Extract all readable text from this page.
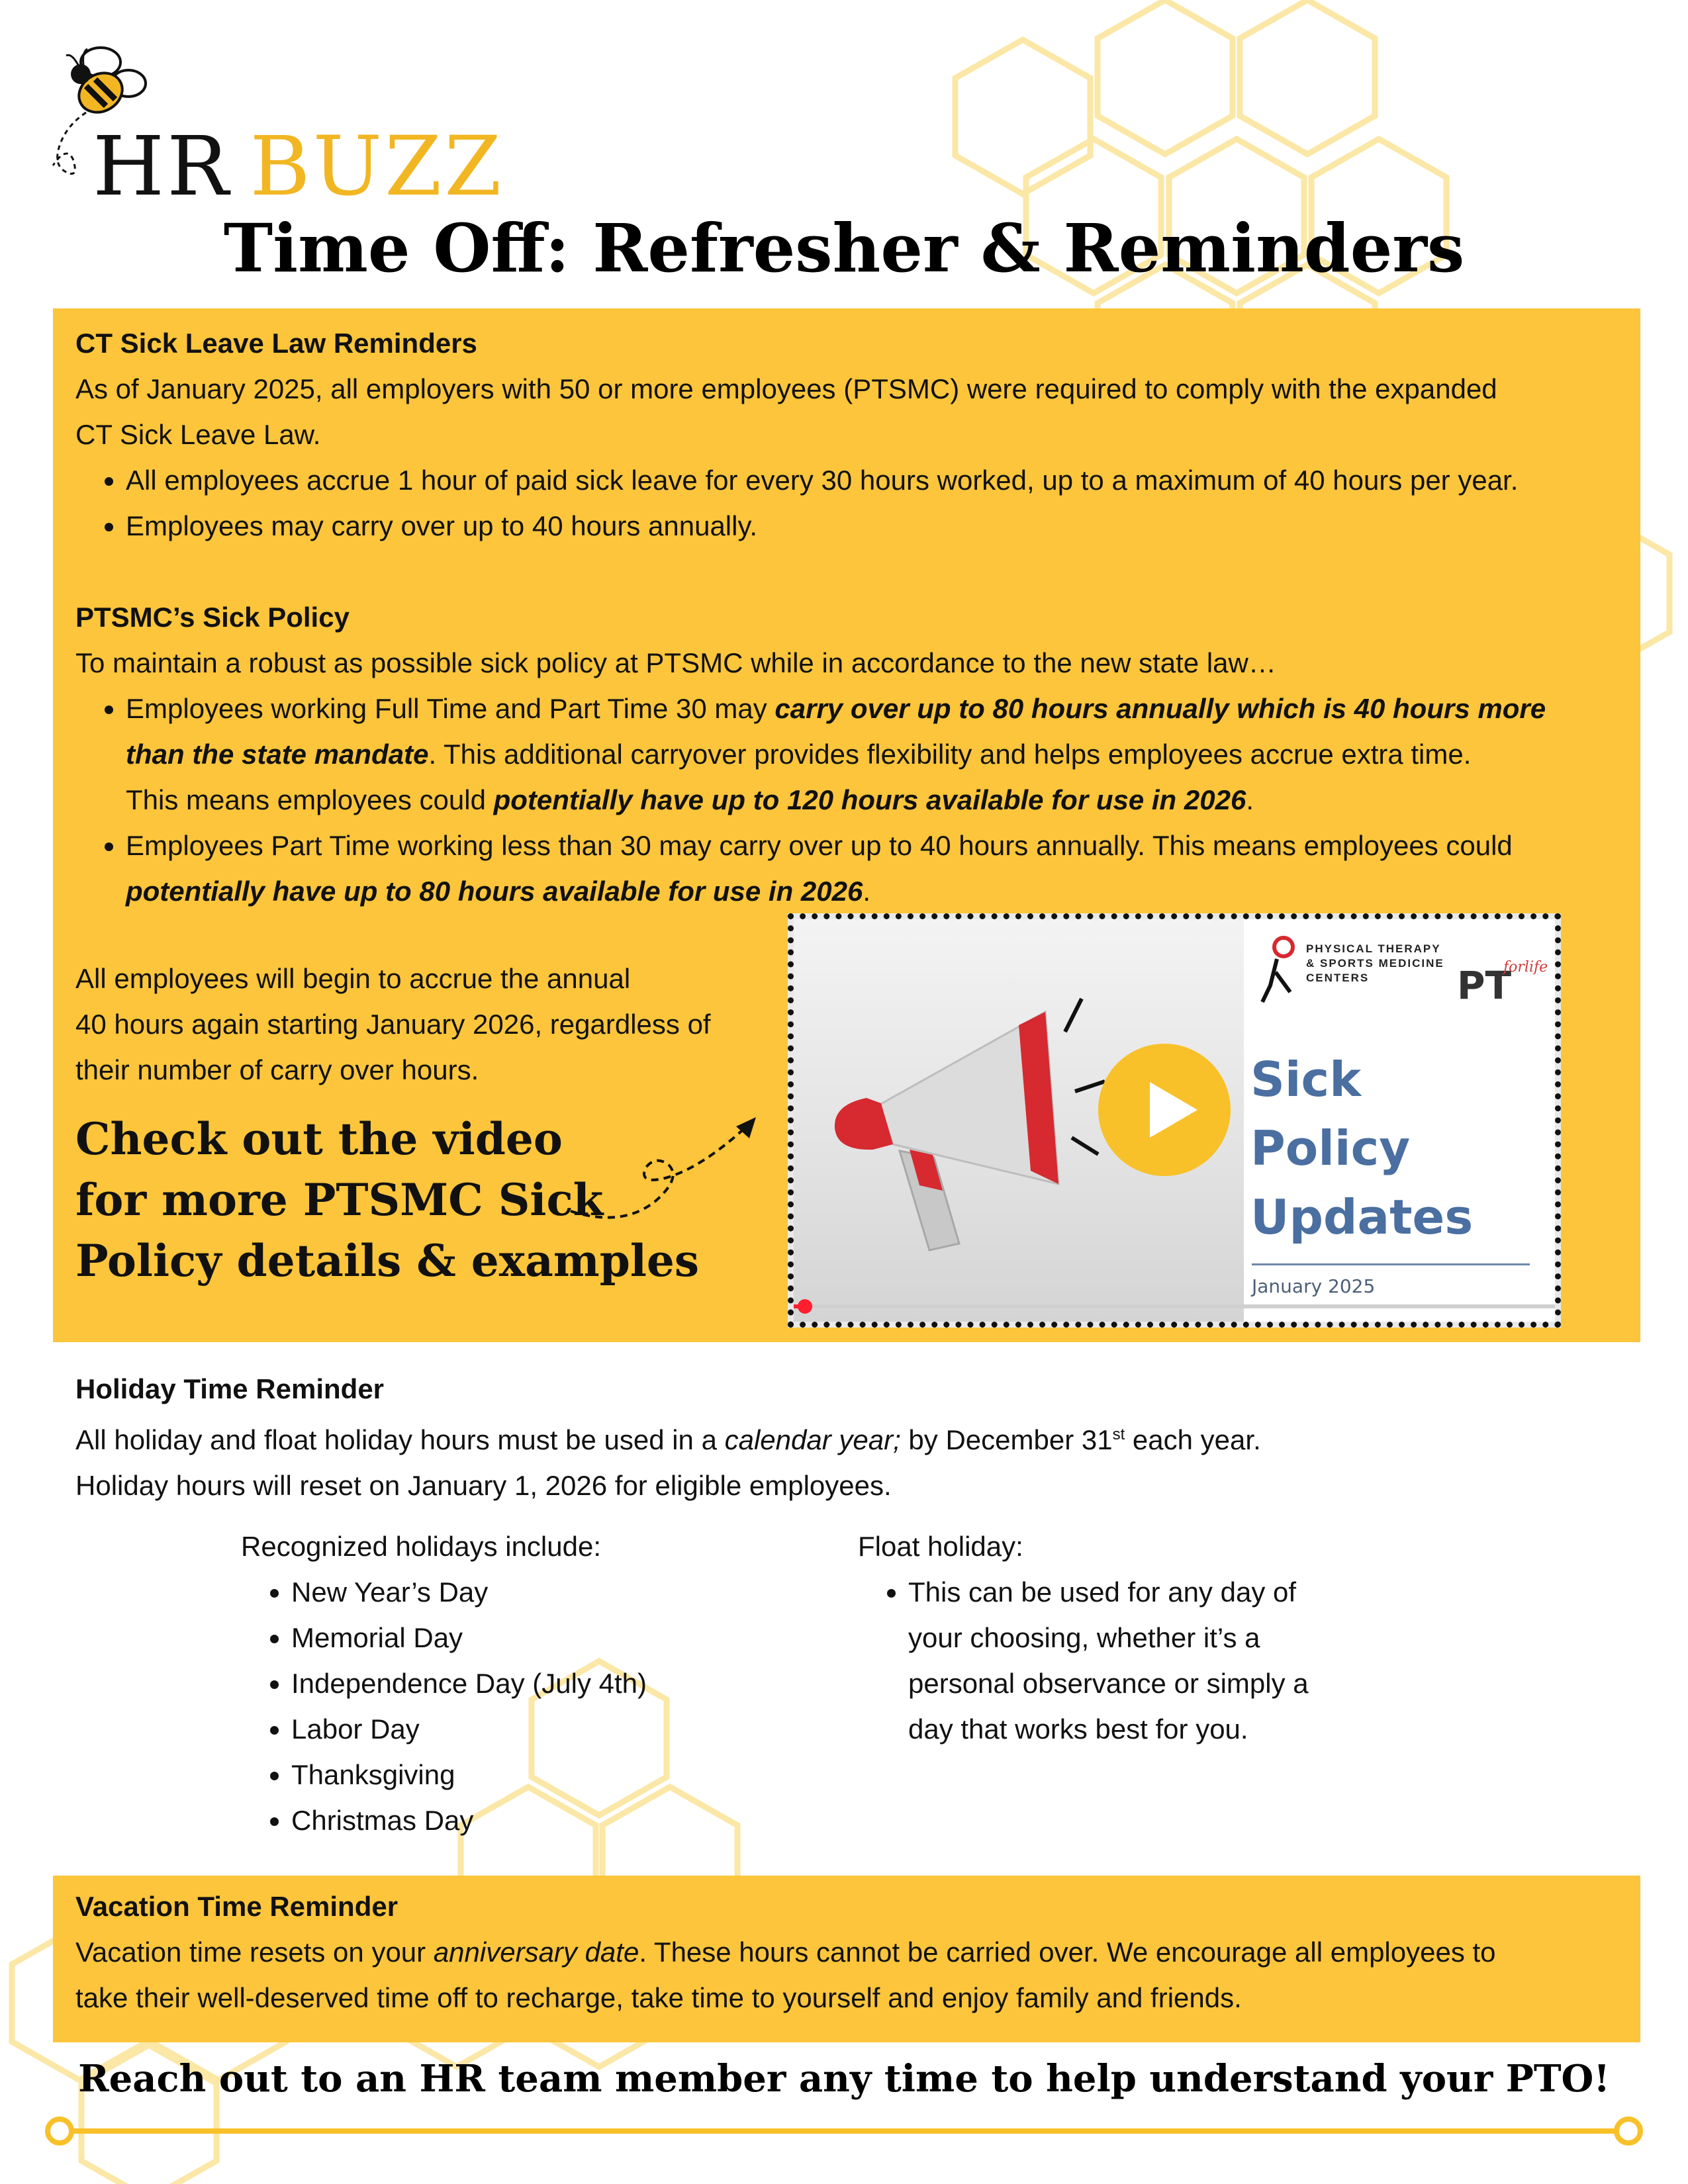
HR BUZZ
Time Off: Refresher & Reminders

CT Sick Leave Law Reminders

As of January 2025, all employers with 50 or more employees (PTSMC) were required to comply with the expanded

CT Sick Leave Law.

• All employees accrue 1 hour of paid sick leave for every 30 hours worked, up to a maximum of 40 hours per year.
• Employees may carry over up to 40 hours annually.

PTSMC’s Sick Policy

To maintain a robust as possible sick policy at PTSMC while in accordance to the new state law…

• Employees working Full Time and Part Time 30 may carry over up to 80 hours annually which is 40 hours more
than the state mandate. This additional carryover provides flexibility and helps employees accrue extra time.
This means employees could potentially have up to 120 hours available for use in 2026.
• Employees Part Time working less than 30 may carry over up to 40 hours annually. This means employees could
potentially have up to 80 hours available for use in 2026.

All employees will begin to accrue the annual

40 hours again starting January 2026, regardless of

their number of carry over hours.

Check out the video
for more PTSMC Sick
Policy details & examples
PHYSICAL THERAPY
& SPORTS MEDICINE
CENTERS	PT
forlife
Sick
Policy
Updates
January 2025

Holiday Time Reminder

All holiday and float holiday hours must be used in a calendar year; by December 31st each year.

Holiday hours will reset on January 1, 2026 for eligible employees.

Recognized holidays include:
• New Year’s Day
• Memorial Day
• Independence Day (July 4th)
• Labor Day
• Thanksgiving
• Christmas Day
Float holiday:
• This can be used for any day of
your choosing, whether it’s a
personal observance or simply a
day that works best for you.

Vacation Time Reminder

Vacation time resets on your anniversary date. These hours cannot be carried over. We encourage all employees to

take their well-deserved time off to recharge, take time to yourself and enjoy family and friends.

Reach out to an HR team member any time to help understand your PTO!
